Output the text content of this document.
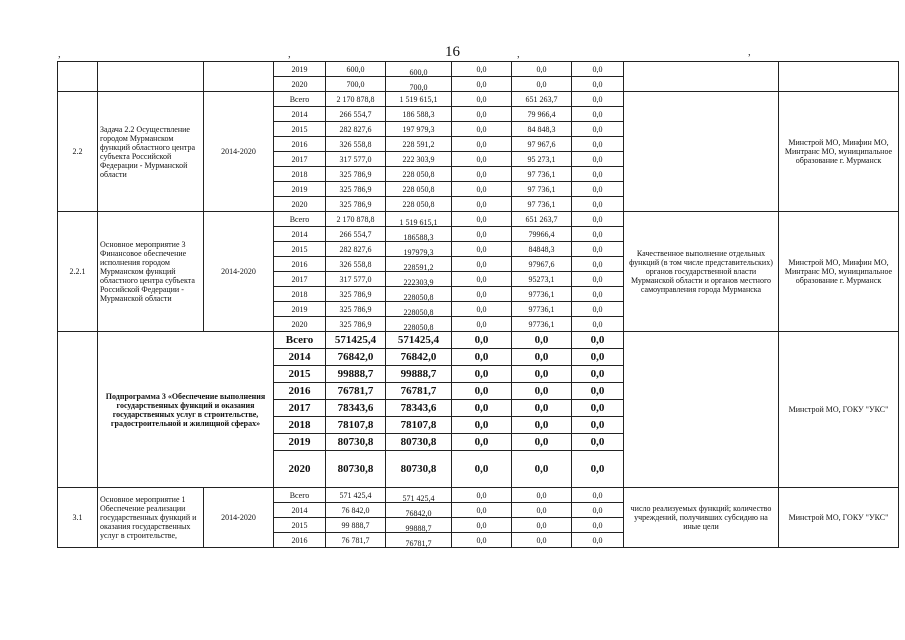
16
,	,	,	,
			2019	600,0	600,0	0,0	0,0	0,0		
			2020	700,0	700,0	0,0	0,0	0,0		
2.2	Задача 2.2 Осуществление городом Мурманском функций областного центра субъекта Российской Федерации - Мурманской области	2014-2020	Всего	2 170 878,8	1 519 615,1	0,0	651 263,7	0,0		Минстрой МО, Минфин МО, Минтранс МО, муниципальное образование г. Мурманск
			2014	266 554,7	186 588,3	0,0	79 966,4	0,0		
			2015	282 827,6	197 979,3	0,0	84 848,3	0,0		
			2016	326 558,8	228 591,2	0,0	97 967,6	0,0		
			2017	317 577,0	222 303,9	0,0	95 273,1	0,0		
			2018	325 786,9	228 050,8	0,0	97 736,1	0,0		
			2019	325 786,9	228 050,8	0,0	97 736,1	0,0		
			2020	325 786,9	228 050,8	0,0	97 736,1	0,0		
2.2.1	Основное мероприятие 3 Финансовое обеспечение исполнения городом Мурманском функций областного центра субъекта Российской Федерации - Мурманской области	2014-2020	Всего	2 170 878,8	1 519 615,1	0,0	651 263,7	0,0	Качественное выполнение отдельных функций (в том числе представительских) органов государственной власти Мурманской области и органов местного самоуправления города Мурманска	Минстрой МО, Минфин МО, Минтранс МО, муниципальное образование г. Мурманск
			2014	266 554,7	186588,3	0,0	79966,4	0,0		
			2015	282 827,6	197979,3	0,0	84848,3	0,0		
			2016	326 558,8	228591,2	0,0	97967,6	0,0		
			2017	317 577,0	222303,9	0,0	95273,1	0,0		
			2018	325 786,9	228050,8	0,0	97736,1	0,0		
			2019	325 786,9	228050,8	0,0	97736,1	0,0		
			2020	325 786,9	228050,8	0,0	97736,1	0,0		
	Подпрограмма 3 «Обеспечение выполнения государственных функций и оказания государственных услуг в строительстве, градостроительной и жилищной сферах»		Всего	571425,4	571425,4	0,0	0,0	0,0		Минстрой МО, ГОКУ "УКС"
			2014	76842,0	76842,0	0,0	0,0	0,0		
			2015	99888,7	99888,7	0,0	0,0	0,0		
			2016	76781,7	76781,7	0,0	0,0	0,0		
			2017	78343,6	78343,6	0,0	0,0	0,0		
			2018	78107,8	78107,8	0,0	0,0	0,0		
			2019	80730,8	80730,8	0,0	0,0	0,0		
			2020	80730,8	80730,8	0,0	0,0	0,0		
3.1	Основное мероприятие 1 Обеспечение реализации государственных функций и оказания государственных услуг в строительстве,	2014-2020	Всего	571 425,4	571 425,4	0,0	0,0	0,0	число реализуемых функций; количество учреждений, получивших субсидию на иные цели	Минстрой МО, ГОКУ "УКС"
			2014	76 842,0	76842,0	0,0	0,0	0,0		
			2015	99 888,7	99888,7	0,0	0,0	0,0		
			2016	76 781,7	76781,7	0,0	0,0	0,0		
